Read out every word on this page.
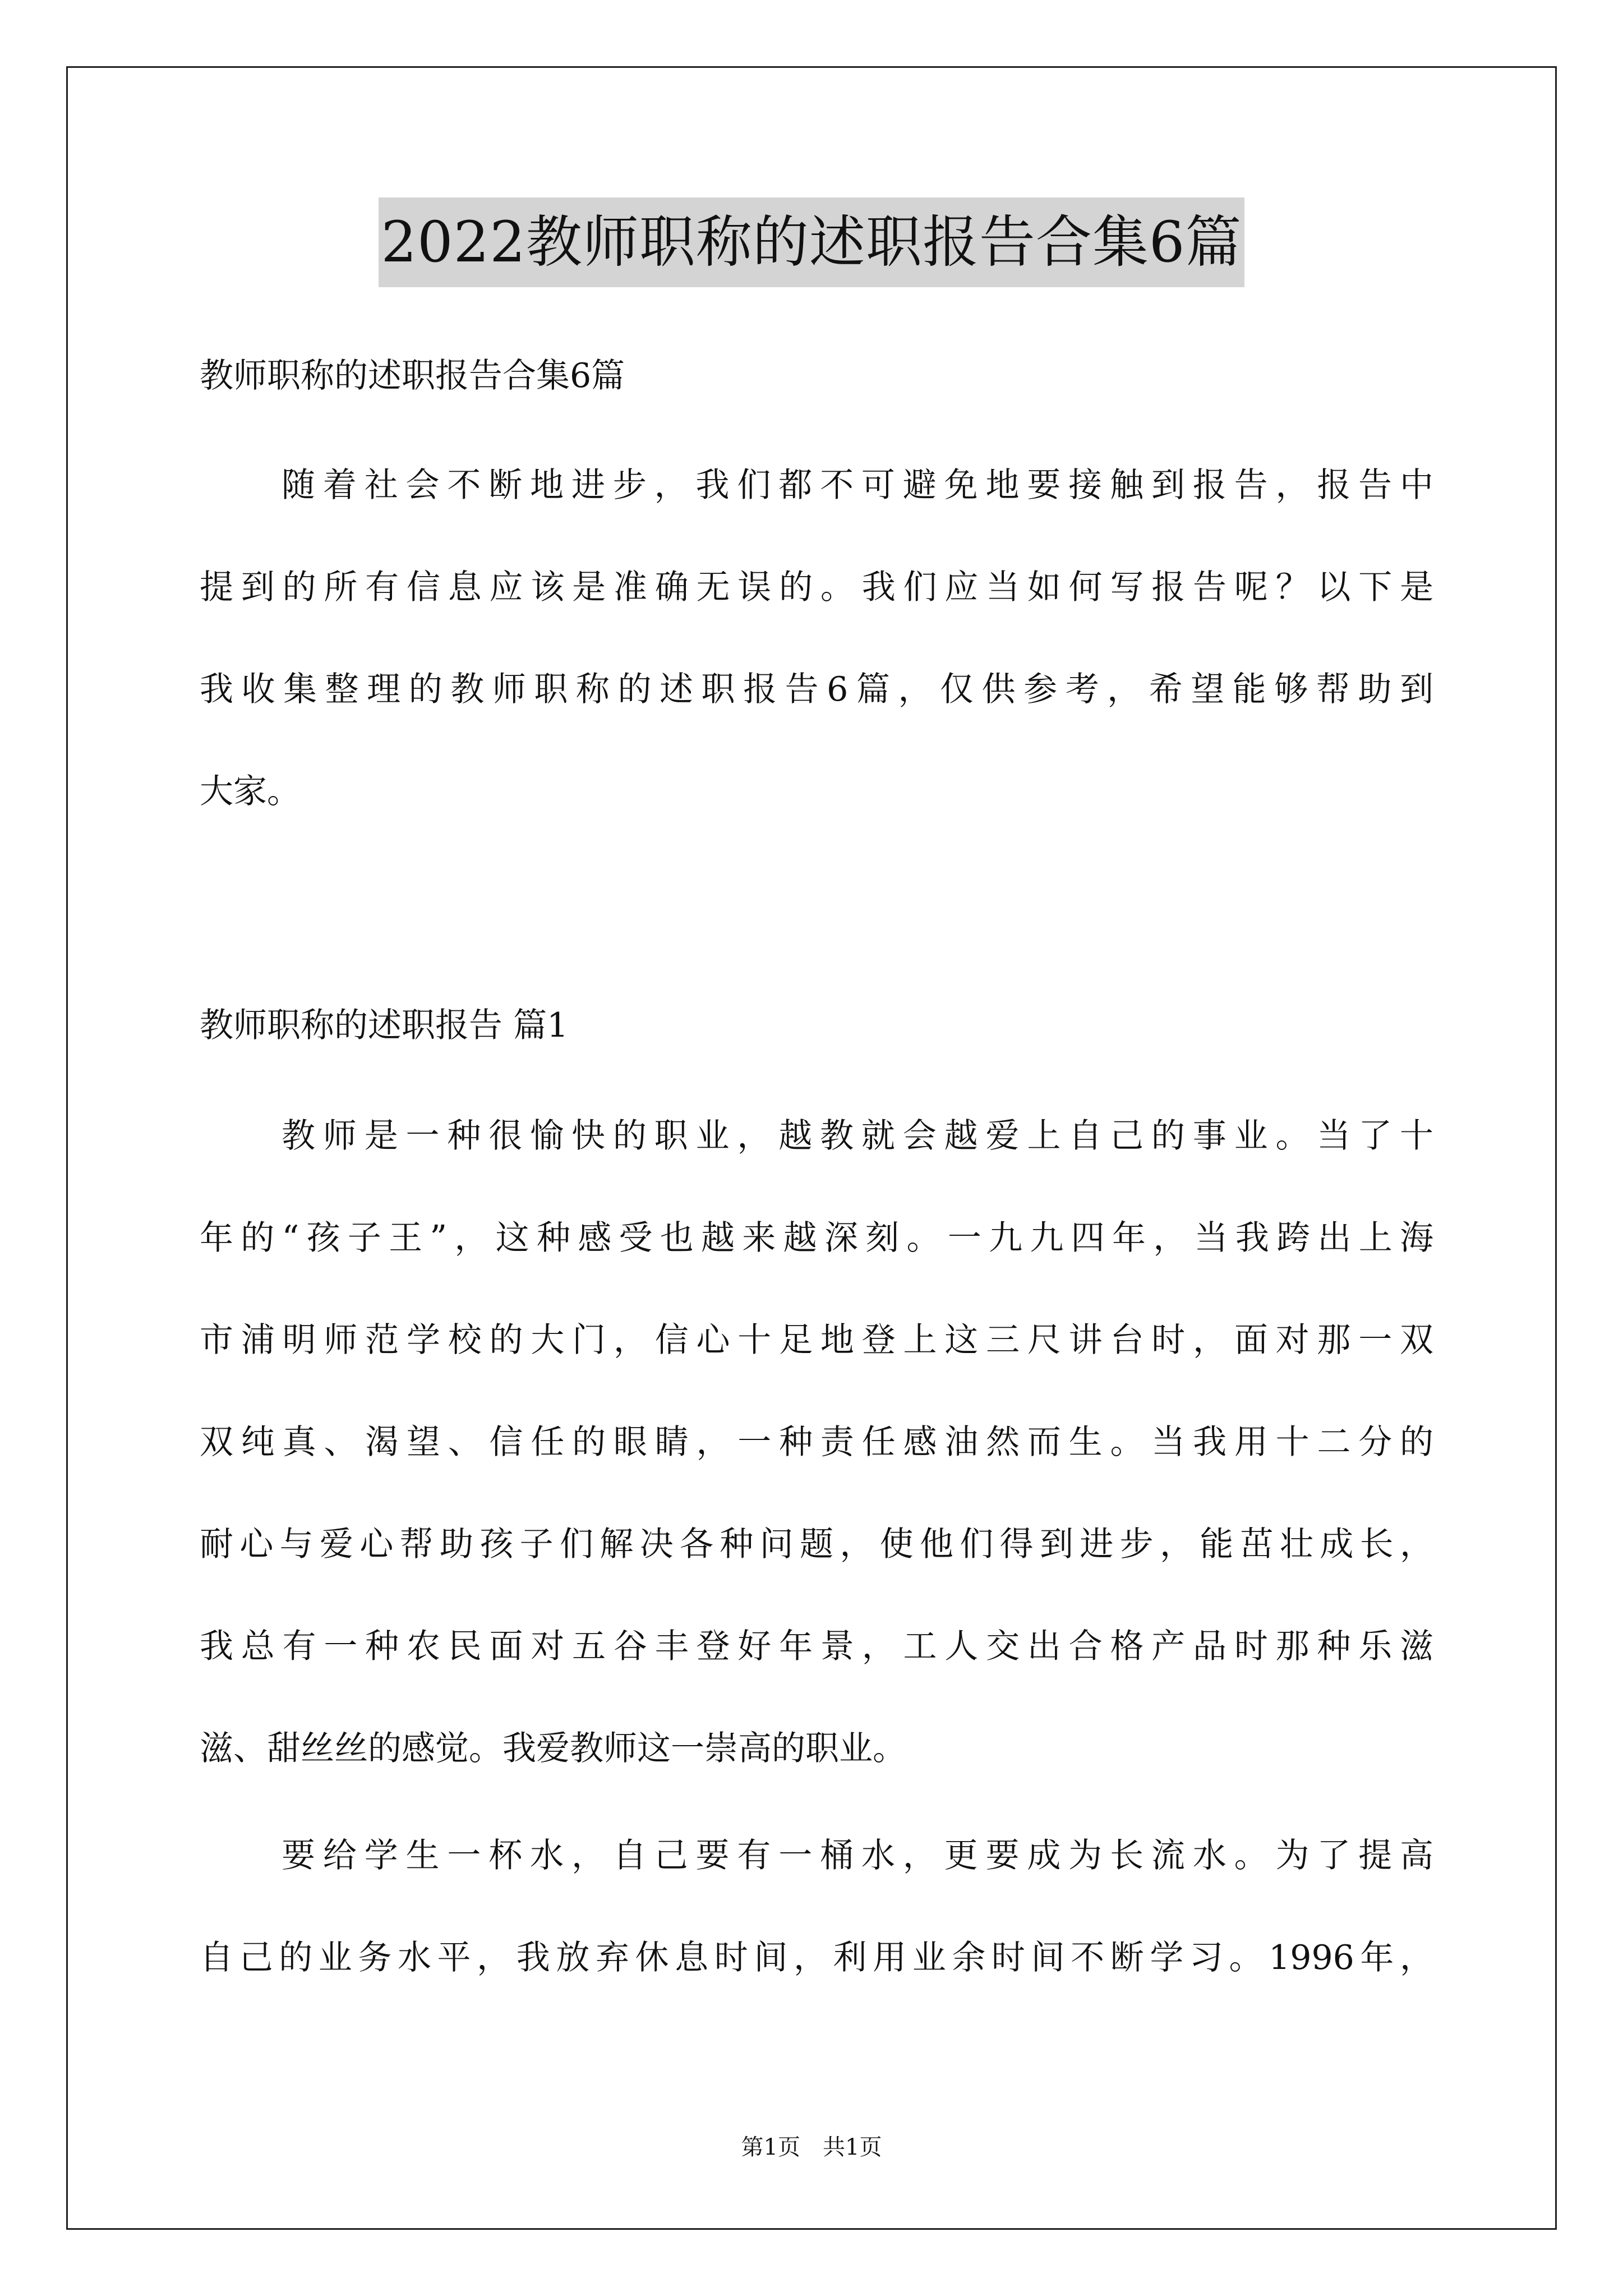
2022教师职称的述职报告合集6篇
教师职称的述职报告合集6篇
随着社会不断地进步，我们都不可避免地要接触到报告，报告中
提到的所有信息应该是准确无误的。我们应当如何写报告呢？以下是
我收集整理的教师职称的述职报告6篇，仅供参考，希望能够帮助到
大家。
教师职称的述职报告 篇1
教师是一种很愉快的职业，越教就会越爱上自己的事业。当了十
年的“孩子王”，这种感受也越来越深刻。一九九四年，当我跨出上海
市浦明师范学校的大门，信心十足地登上这三尺讲台时，面对那一双
双纯真、渴望、信任的眼睛，一种责任感油然而生。当我用十二分的
耐心与爱心帮助孩子们解决各种问题，使他们得到进步，能茁壮成长，
我总有一种农民面对五谷丰登好年景，工人交出合格产品时那种乐滋
滋、甜丝丝的感觉。我爱教师这一崇高的职业。
要给学生一杯水，自己要有一桶水，更要成为长流水。为了提高
自己的业务水平，我放弃休息时间，利用业余时间不断学习。1996年，
第1页　共1页
